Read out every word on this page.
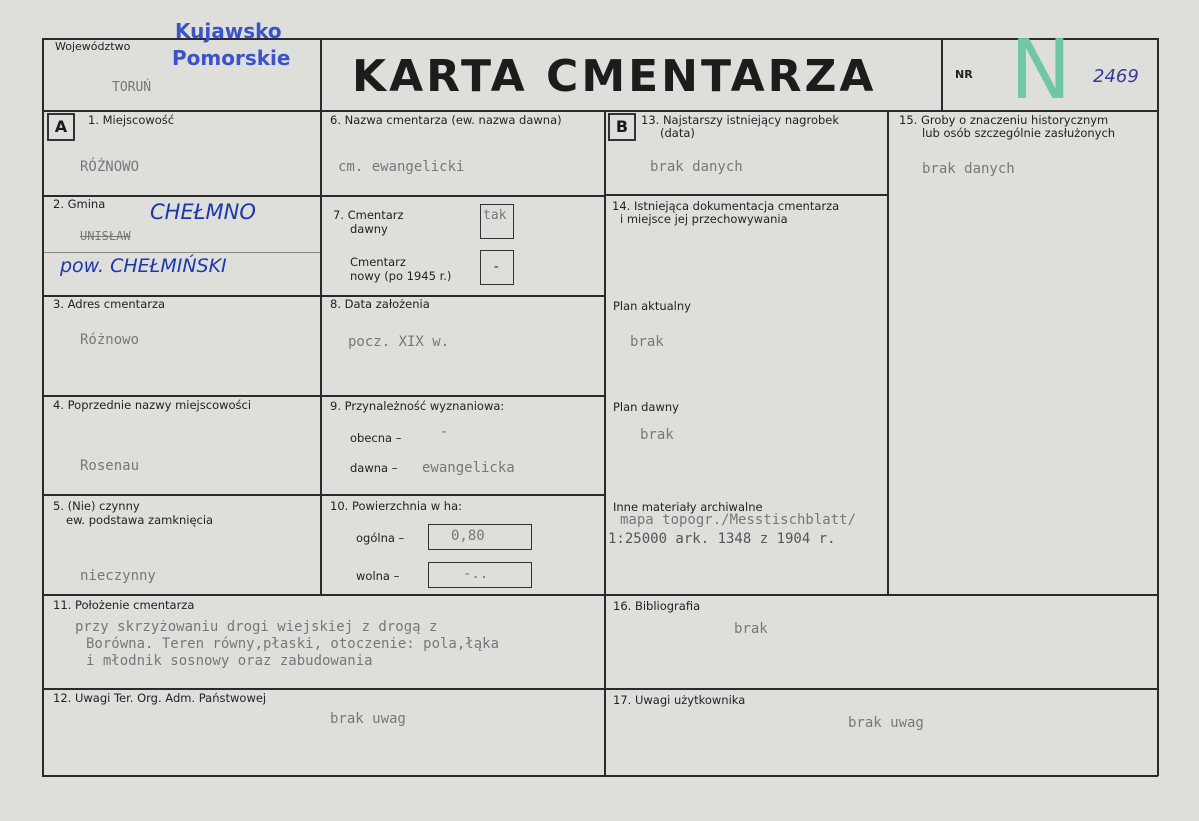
Województwo
TORUŃ
Kujawsko
Pomorskie KARTA CMENTARZA	NR N 2469
A	B
1. Miejscowość
RÓŻNOWO
2. Gmina CHEŁMNO
UNISŁAW
pow. CHEŁMIŃSKI
3. Adres cmentarza
Różnowo
4. Poprzednie nazwy miejscowości
Rosenau
5. (Nie) czynny
ew. podstawa zamknięcia
nieczynny
6. Nazwa cmentarza (ew. nazwa dawna)
cm. ewangelicki
7. Cmentarz
dawny
tak
Cmentarz
nowy (po 1945 r.)
-
8. Data założenia
pocz. XIX w.
9. Przynależność wyznaniowa:
obecna –	-
dawna – ewangelicka
10. Powierzchnia w ha:
ogólna –	0,80
wolna –	-..
13. Najstarszy istniejący nagrobek
(data)
brak danych
14. Istniejąca dokumentacja cmentarza
i miejsce jej przechowywania
Plan aktualny
brak
Plan dawny
brak
Inne materiały archiwalne
mapa topogr./Messtischblatt/
1:25000 ark. 1348 z 1904 r.
15. Groby o znaczeniu historycznym
lub osób szczególnie zasłużonych
brak danych
11. Położenie cmentarza
przy skrzyżowaniu drogi wiejskiej z drogą z
Borówna. Teren równy,płaski, otoczenie: pola,łąka
i młodnik sosnowy oraz zabudowania
16. Bibliografia
brak
12. Uwagi Ter. Org. Adm. Państwowej
brak uwag
17. Uwagi użytkownika
brak uwag
